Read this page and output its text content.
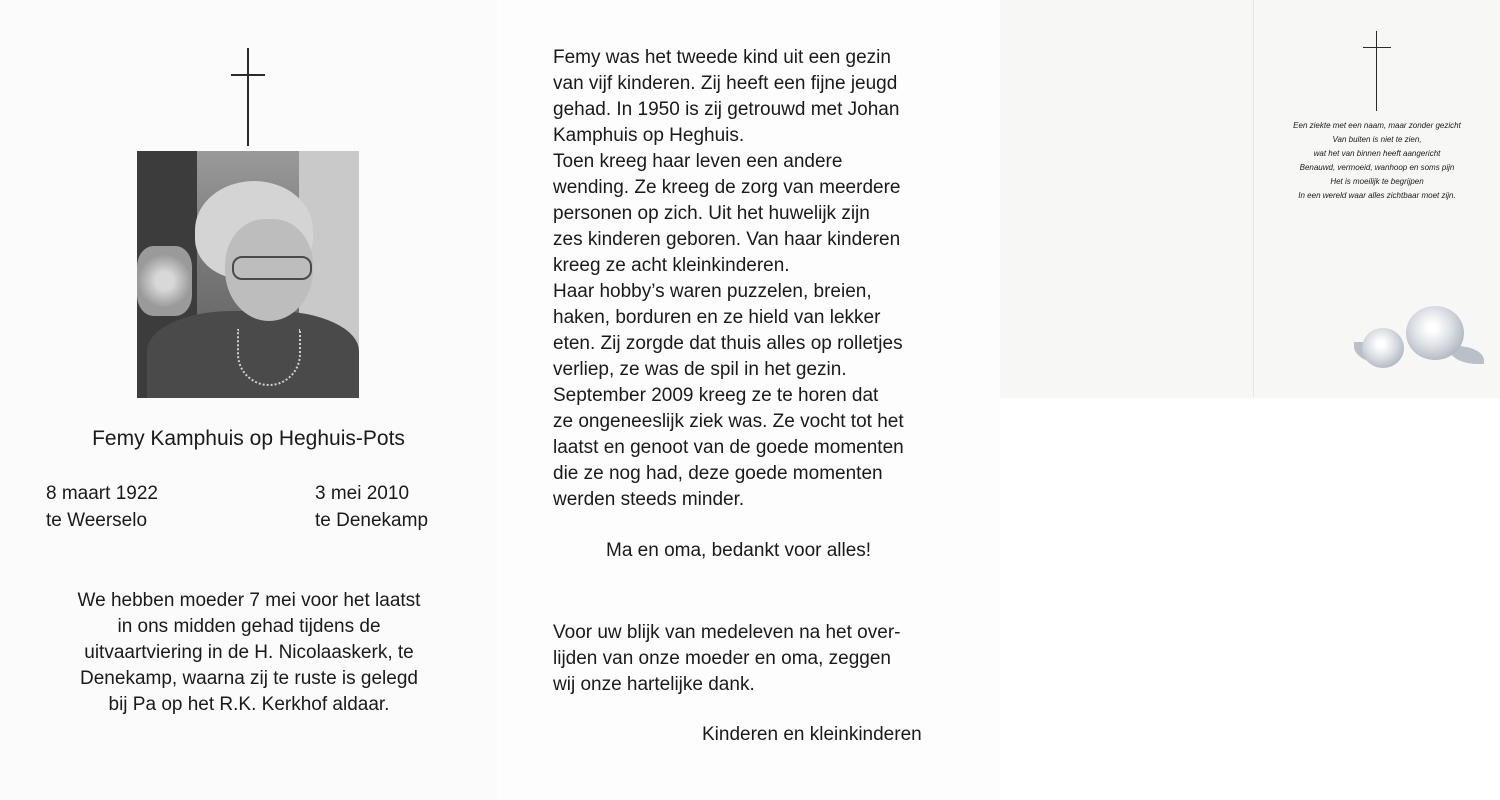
Femy Kamphuis op Heghuis-Pots
8 maart 1922
te Weerselo
3 mei 2010
te Denekamp
We hebben moeder 7 mei voor het laatst
in ons midden gehad tijdens de
uitvaartviering in de H. Nicolaaskerk, te
Denekamp, waarna zij te ruste is gelegd
bij Pa op het R.K. Kerkhof aldaar.
Femy was het tweede kind uit een gezin
van vijf kinderen. Zij heeft een fijne jeugd
gehad. In 1950 is zij getrouwd met Johan
Kamphuis op Heghuis.
Toen kreeg haar leven een andere
wending. Ze kreeg de zorg van meerdere
personen op zich. Uit het huwelijk zijn
zes kinderen geboren. Van haar kinderen
kreeg ze acht kleinkinderen.
Haar hobby’s waren puzzelen, breien,
haken, borduren en ze hield van lekker
eten. Zij zorgde dat thuis alles op rolletjes
verliep, ze was de spil in het gezin.
September 2009 kreeg ze te horen dat
ze ongeneeslijk ziek was. Ze vocht tot het
laatst en genoot van de goede momenten
die ze nog had, deze goede momenten
werden steeds minder.
Ma en oma, bedankt voor alles!
Voor uw blijk van medeleven na het over-
lijden van onze moeder en oma, zeggen
wij onze hartelijke dank.
Kinderen en kleinkinderen
Een ziekte met een naam, maar zonder gezicht
Van buiten is niet te zien,
wat het van binnen heeft aangericht
Benauwd, vermoeid, wanhoop en soms pijn
Het is moeilijk te begrijpen
In een wereld waar alles zichtbaar moet zijn.
